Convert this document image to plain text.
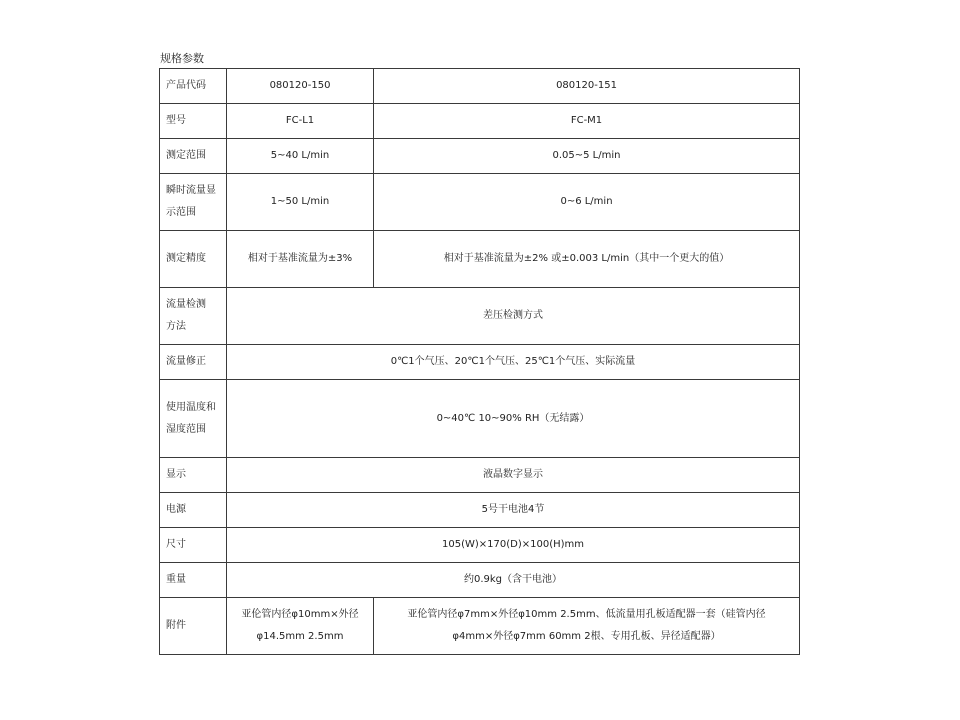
规格参数
产品代码	080120-150	080120-151
型号	FC-L1	FC-M1
测定范围	5~40 L/min	0.05~5 L/min
瞬时流量显示范围	1~50 L/min	0~6 L/min
测定精度	相对于基准流量为±3%	相对于基准流量为±2% 或±0.003 L/min（其中一个更大的值）
流量检测方法	差压检测方式	
流量修正	0℃1个气压、20℃1个气压、25℃1个气压、实际流量	
使用温度和湿度范围	0~40℃ 10~90% RH（无结露）	
显示	液晶数字显示	
电源	5号干电池4节	
尺寸	105(W)×170(D)×100(H)mm	
重量	约0.9kg（含干电池）	
附件	亚伦管内径φ10mm×外径φ14.5mm 2.5mm	亚伦管内径φ7mm×外径φ10mm 2.5mm、低流量用孔板适配器一套（硅管内径φ4mm×外径φ7mm 60mm 2根、专用孔板、异径适配器）
